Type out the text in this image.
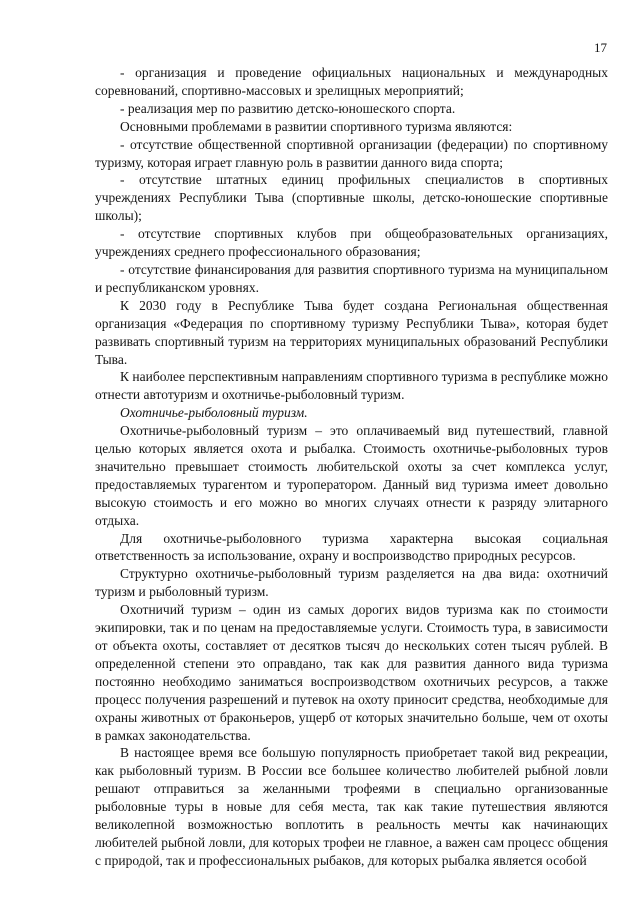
17

- организация и проведение официальных национальных и международных соревнований, спортивно-массовых и зрелищных мероприятий;

- реализация мер по развитию детско-юношеского спорта.

Основными проблемами в развитии спортивного туризма являются:

- отсутствие общественной спортивной организации (федерации) по спортивному туризму, которая играет главную роль в развитии данного вида спорта;

- отсутствие штатных единиц профильных специалистов в спортивных учреждениях Республики Тыва (спортивные школы, детско-юношеские спортивные школы);

- отсутствие спортивных клубов при общеобразовательных организациях, учреждениях среднего профессионального образования;

- отсутствие финансирования для развития спортивного туризма на муниципальном и республиканском уровнях.

К 2030 году в Республике Тыва будет создана Региональная общественная организация «Федерация по спортивному туризму Республики Тыва», которая будет развивать спортивный туризм на территориях муниципальных образований Республики Тыва.

К наиболее перспективным направлениям спортивного туризма в республике можно отнести автотуризм и охотничье-рыболовный туризм.

Охотничье-рыболовный туризм.

Охотничье-рыболовный туризм – это оплачиваемый вид путешествий, главной целью которых является охота и рыбалка. Стоимость охотничье-рыболовных туров значительно превышает стоимость любительской охоты за счет комплекса услуг, предоставляемых турагентом и туроператором. Данный вид туризма имеет довольно высокую стоимость и его можно во многих случаях отнести к разряду элитарного отдыха.

Для охотничье-рыболовного туризма характерна высокая социальная ответственность за использование, охрану и воспроизводство природных ресурсов.

Структурно охотничье-рыболовный туризм разделяется на два вида: охотничий туризм и рыболовный туризм.

Охотничий туризм – один из самых дорогих видов туризма как по стоимости экипировки, так и по ценам на предоставляемые услуги. Стоимость тура, в зависимости от объекта охоты, составляет от десятков тысяч до нескольких сотен тысяч рублей. В определенной степени это оправдано, так как для развития данного вида туризма постоянно необходимо заниматься воспроизводством охотничьих ресурсов, а также процесс получения разрешений и путевок на охоту приносит средства, необходимые для охраны животных от браконьеров, ущерб от которых значительно больше, чем от охоты в рамках законодательства.

В настоящее время все большую популярность приобретает такой вид рекреации, как рыболовный туризм. В России все большее количество любителей рыбной ловли решают отправиться за желанными трофеями в специально организованные рыболовные туры в новые для себя места, так как такие путешествия являются великолепной возможностью воплотить в реальность мечты как начинающих любителей рыбной ловли, для которых трофеи не главное, а важен сам процесс общения с природой, так и профессиональных рыбаков, для которых рыбалка является особой
